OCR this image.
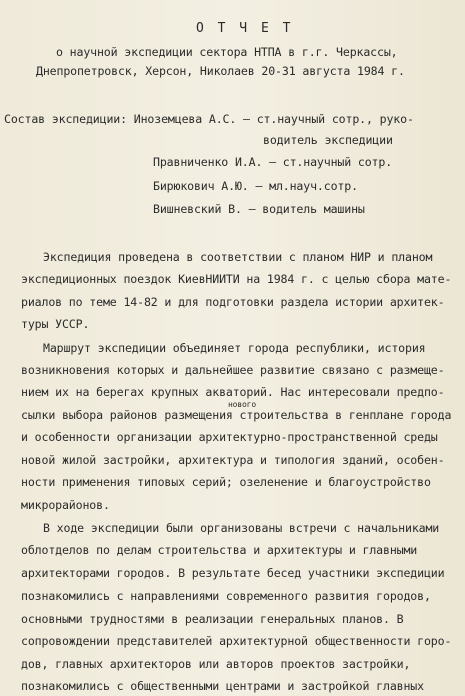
О Т Ч Е Т
о научной экспедиции сектора НТПА в г.г. Черкассы,
Днепропетровск, Херсон, Николаев 20-31 августа 1984 г.
Состав экспедиции: Иноземцева А.С. – ст.научный сотр., руко-
водитель экспедиции
Правниченко И.А. – ст.научный сотр.
Бирюкович А.Ю. – мл.науч.сотр.
Вишневский В. – водитель машины
Экспедиция проведена в соответствии с планом НИР и планом
экспедиционных поездок КиевНИИТИ на 1984 г. с целью сбора мате-
риалов по теме 14-82 и для подготовки раздела истории архитек-
туры УССР.
Маршрут экспедиции объединяет города республики, история
возникновения которых и дальнейшее развитие связано с размеще-
нием их на берегах крупных акваторий. Нас интересовали предпо-
нового
сылки выбора районов размещения строительства в генплане города
и особенности организации архитектурно-пространственной среды
новой жилой застройки, архитектура и типология зданий, особен-
ности применения типовых серий; озеленение и благоустройство
микрорайонов.
В ходе экспедиции были организованы встречи с начальниками
облотделов по делам строительства и архитектуры и главными
архитекторами городов. В результате бесед участники экспедиции
познакомились с направлениями современного развития городов,
основными трудностями в реализации генеральных планов. В
сопровождении представителей архитектурной общественности горо-
дов, главных архитекторов или авторов проектов застройки,
познакомились с общественными центрами и застройкой главных
